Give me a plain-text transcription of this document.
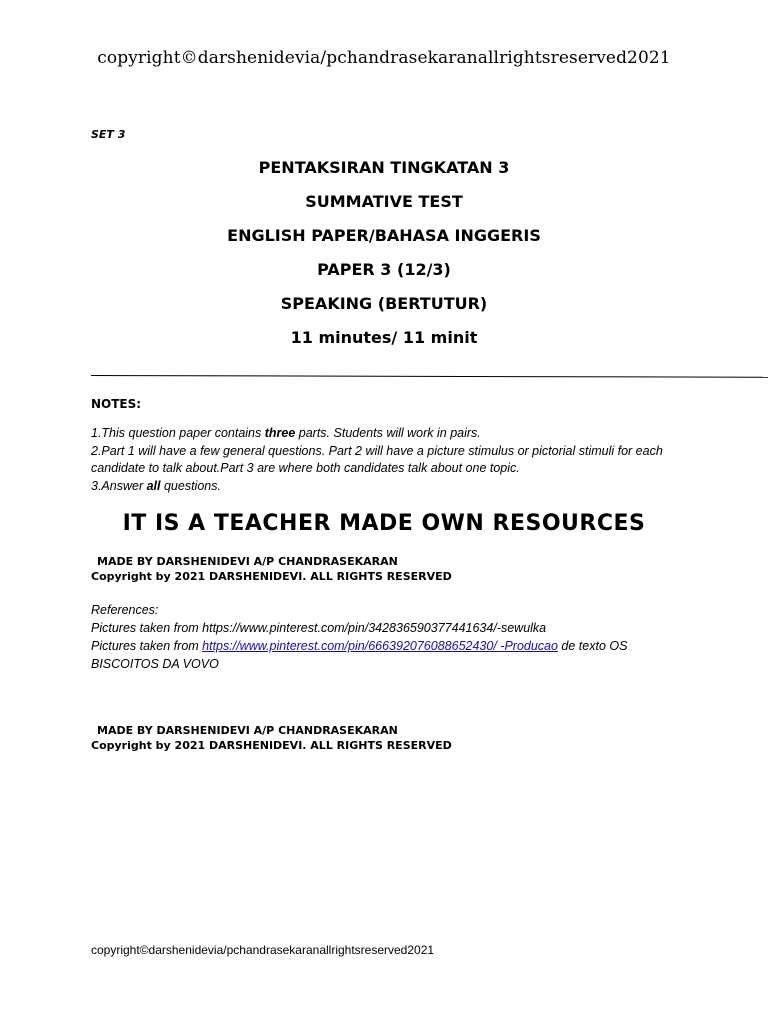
copyright©darshenidevia/pchandrasekaranallrightsreserved2021
SET 3
PENTAKSIRAN TINGKATAN 3
SUMMATIVE TEST
ENGLISH PAPER/BAHASA INGGERIS
PAPER 3 (12/3)
SPEAKING (BERTUTUR)
11 minutes/ 11 minit
NOTES:
1.This question paper contains three parts. Students will work in pairs.
2.Part 1 will have a few general questions. Part 2 will have a picture stimulus or pictorial stimuli for each candidate to talk about.Part 3 are where both candidates talk about one topic.
3.Answer all questions.
IT IS A TEACHER MADE OWN RESOURCES
MADE BY DARSHENIDEVI A/P CHANDRASEKARAN
Copyright by 2021 DARSHENIDEVI. ALL RIGHTS RESERVED
References:
Pictures taken from https://www.pinterest.com/pin/342836590377441634/-sewulka
Pictures taken from https://www.pinterest.com/pin/666392076088652430/ -Producao de texto OS BISCOITOS DA VOVO
MADE BY DARSHENIDEVI A/P CHANDRASEKARAN
Copyright by 2021 DARSHENIDEVI. ALL RIGHTS RESERVED
copyright©darshenidevia/pchandrasekaranallrightsreserved2021
